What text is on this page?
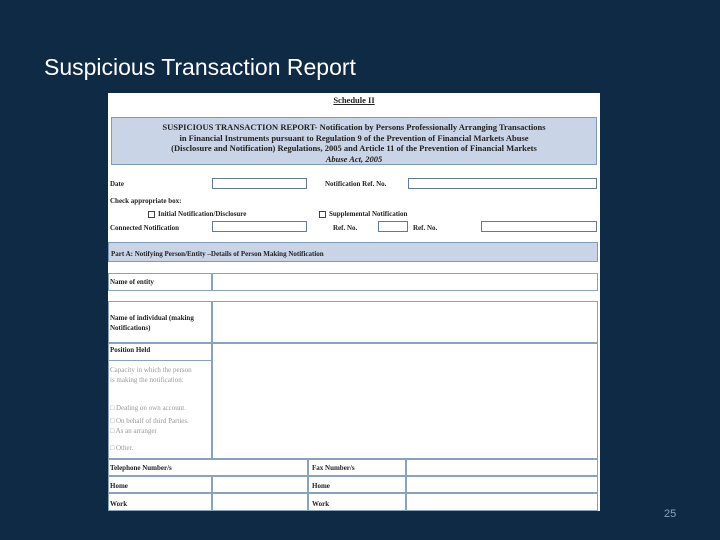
Suspicious Transaction Report
Schedule II
SUSPICIOUS TRANSACTION REPORT- Notification by Persons Professionally Arranging Transactions
in Financial Instruments pursuant to Regulation 9 of the Prevention of Financial Markets Abuse
(Disclosure and Notification) Regulations, 2005 and Article 11 of the Prevention of Financial Markets
Abuse Act, 2005
Date	Notification Ref. No.
Check appropriate box:
Initial Notification/Disclosure	Supplemental Notification
Connected Notification	Ref. No.	Ref. No.
Part A: Notifying Person/Entity –Details of Person Making Notification
Name of entity
Name of individual (making
Notifications)
Position Held
Capacity in which the person
is making the notification:
□ Dealing on own account.
□ On behalf of third Parties.
□ As an arranger
□ Other.
Telephone Number/s	Fax Number/s
Home	Home
Work	Work
25
